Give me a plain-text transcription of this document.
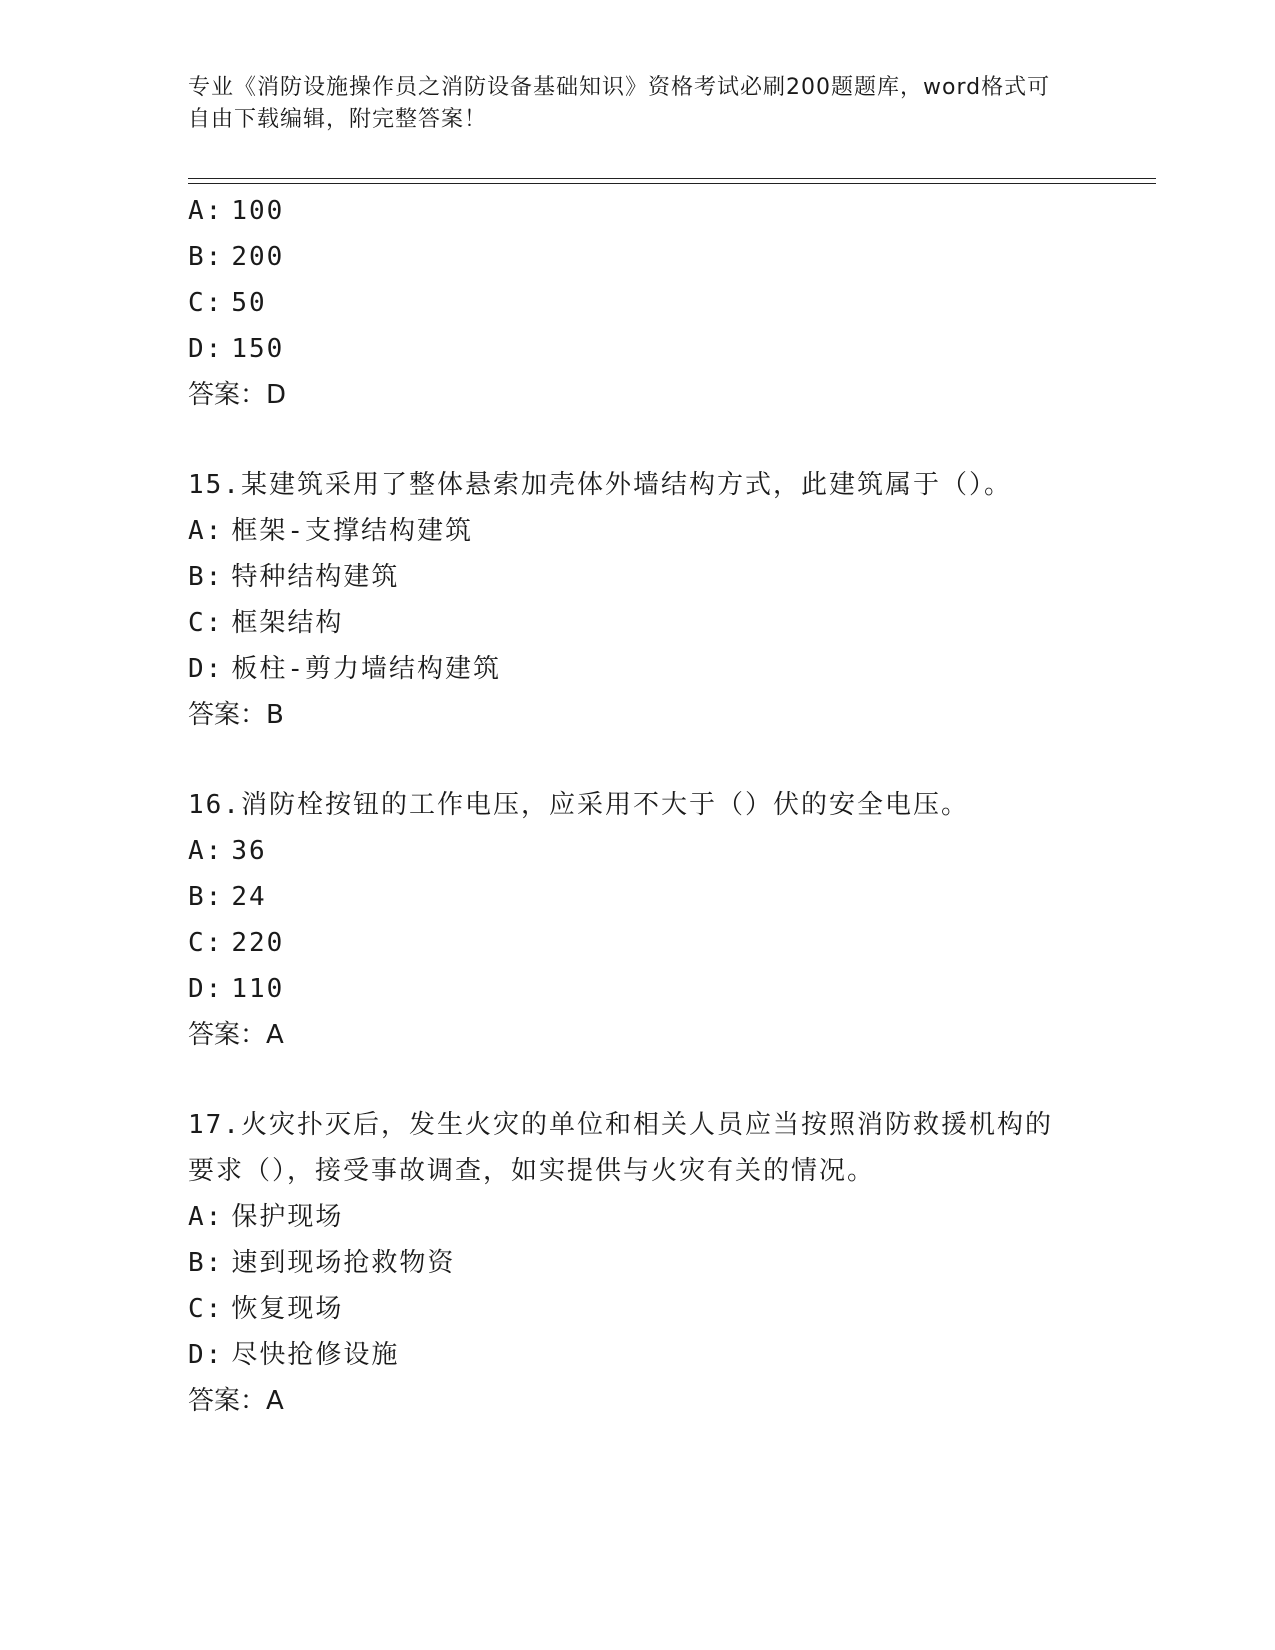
专业《消防设施操作员之消防设备基础知识》资格考试必刷200题题库，word格式可自由下载编辑，附完整答案！
A: 100
B: 200
C: 50
D: 150
答案：D
15.某建筑采用了整体悬索加壳体外墙结构方式，此建筑属于（）。
A: 框架-支撑结构建筑
B: 特种结构建筑
C: 框架结构
D: 板柱-剪力墙结构建筑
答案：B
16.消防栓按钮的工作电压，应采用不大于（）伏的安全电压。
A: 36
B: 24
C: 220
D: 110
答案：A
17.火灾扑灭后，发生火灾的单位和相关人员应当按照消防救援机构的
要求（），接受事故调查，如实提供与火灾有关的情况。
A: 保护现场
B: 速到现场抢救物资
C: 恢复现场
D: 尽快抢修设施
答案：A
